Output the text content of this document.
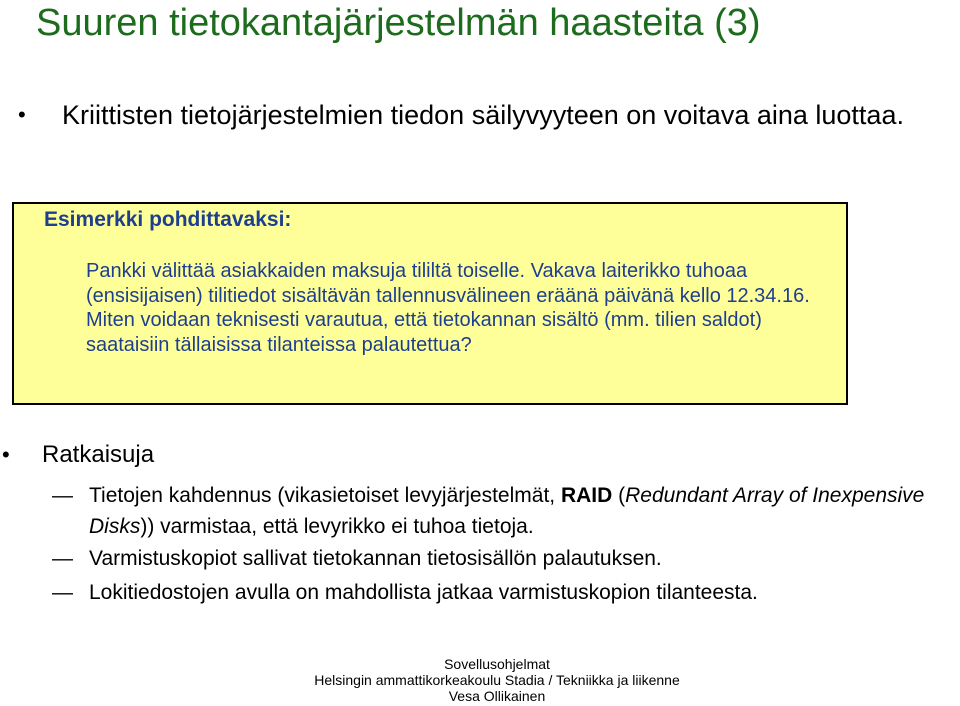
Suuren tietokantajärjestelmän haasteita (3)
• Kriittisten tietojärjestelmien tiedon säilyvyyteen on voitava aina luottaa.
Esimerkki pohdittavaksi:
Pankki välittää asiakkaiden maksuja tililtä toiselle. Vakava laiterikko tuhoaa (ensisijaisen) tilitiedot sisältävän tallennusvälineen eräänä päivänä kello 12.34.16. Miten voidaan teknisesti varautua, että tietokannan sisältö (mm. tilien saldot) saataisiin tällaisissa tilanteissa palautettua?
• Ratkaisuja
— Tietojen kahdennus (vikasietoiset levyjärjestelmät, RAID (Redundant Array of Inexpensive Disks)) varmistaa, että levyrikko ei tuhoa tietoja.
— Varmistuskopiot sallivat tietokannan tietosisällön palautuksen.
— Lokitiedostojen avulla on mahdollista jatkaa varmistuskopion tilanteesta.
Sovellusohjelmat
Helsingin ammattikorkeakoulu Stadia / Tekniikka ja liikenne
Vesa Ollikainen
